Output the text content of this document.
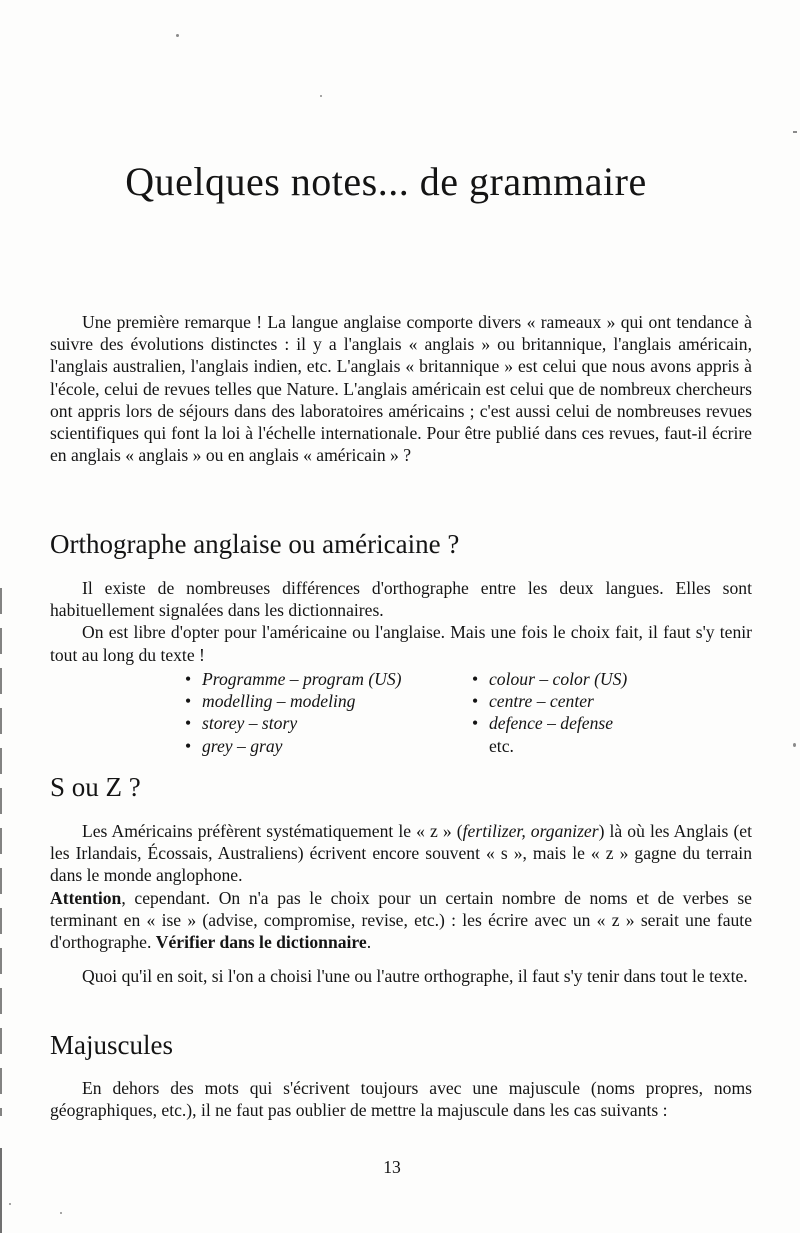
Quelques notes... de grammaire

Une première remarque ! La langue anglaise comporte divers « rameaux » qui ont tendance à suivre des évolutions distinctes : il y a l'anglais « anglais » ou britannique, l'anglais américain, l'anglais australien, l'anglais indien, etc. L'anglais « britannique » est celui que nous avons appris à l'école, celui de revues telles que Nature. L'anglais américain est celui que de nombreux chercheurs ont appris lors de séjours dans des laboratoires américains ; c'est aussi celui de nombreuses revues scientifiques qui font la loi à l'échelle internationale. Pour être publié dans ces revues, faut-il écrire en anglais « anglais » ou en anglais « américain » ?

Orthographe anglaise ou américaine ?

Il existe de nombreuses différences d'orthographe entre les deux langues. Elles sont habituellement signalées dans les dictionnaires.

On est libre d'opter pour l'américaine ou l'anglaise. Mais une fois le choix fait, il faut s'y tenir tout au long du texte !

• Programme – program (US)
• modelling – modeling
• storey – story
• grey – gray
• colour – color (US)
• centre – center
• defence – defense
etc.
S ou Z ?

Les Américains préfèrent systématiquement le « z » (fertilizer, organizer) là où les Anglais (et les Irlandais, Écossais, Australiens) écrivent encore souvent « s », mais le « z » gagne du terrain dans le monde anglophone.

Attention, cependant. On n'a pas le choix pour un certain nombre de noms et de verbes se terminant en « ise » (advise, compromise, revise, etc.) : les écrire avec un « z » serait une faute d'orthographe. Vérifier dans le dictionnaire.

Quoi qu'il en soit, si l'on a choisi l'une ou l'autre orthographe, il faut s'y tenir dans tout le texte.

Majuscules

En dehors des mots qui s'écrivent toujours avec une majuscule (noms propres, noms géographiques, etc.), il ne faut pas oublier de mettre la majuscule dans les cas suivants :

13
